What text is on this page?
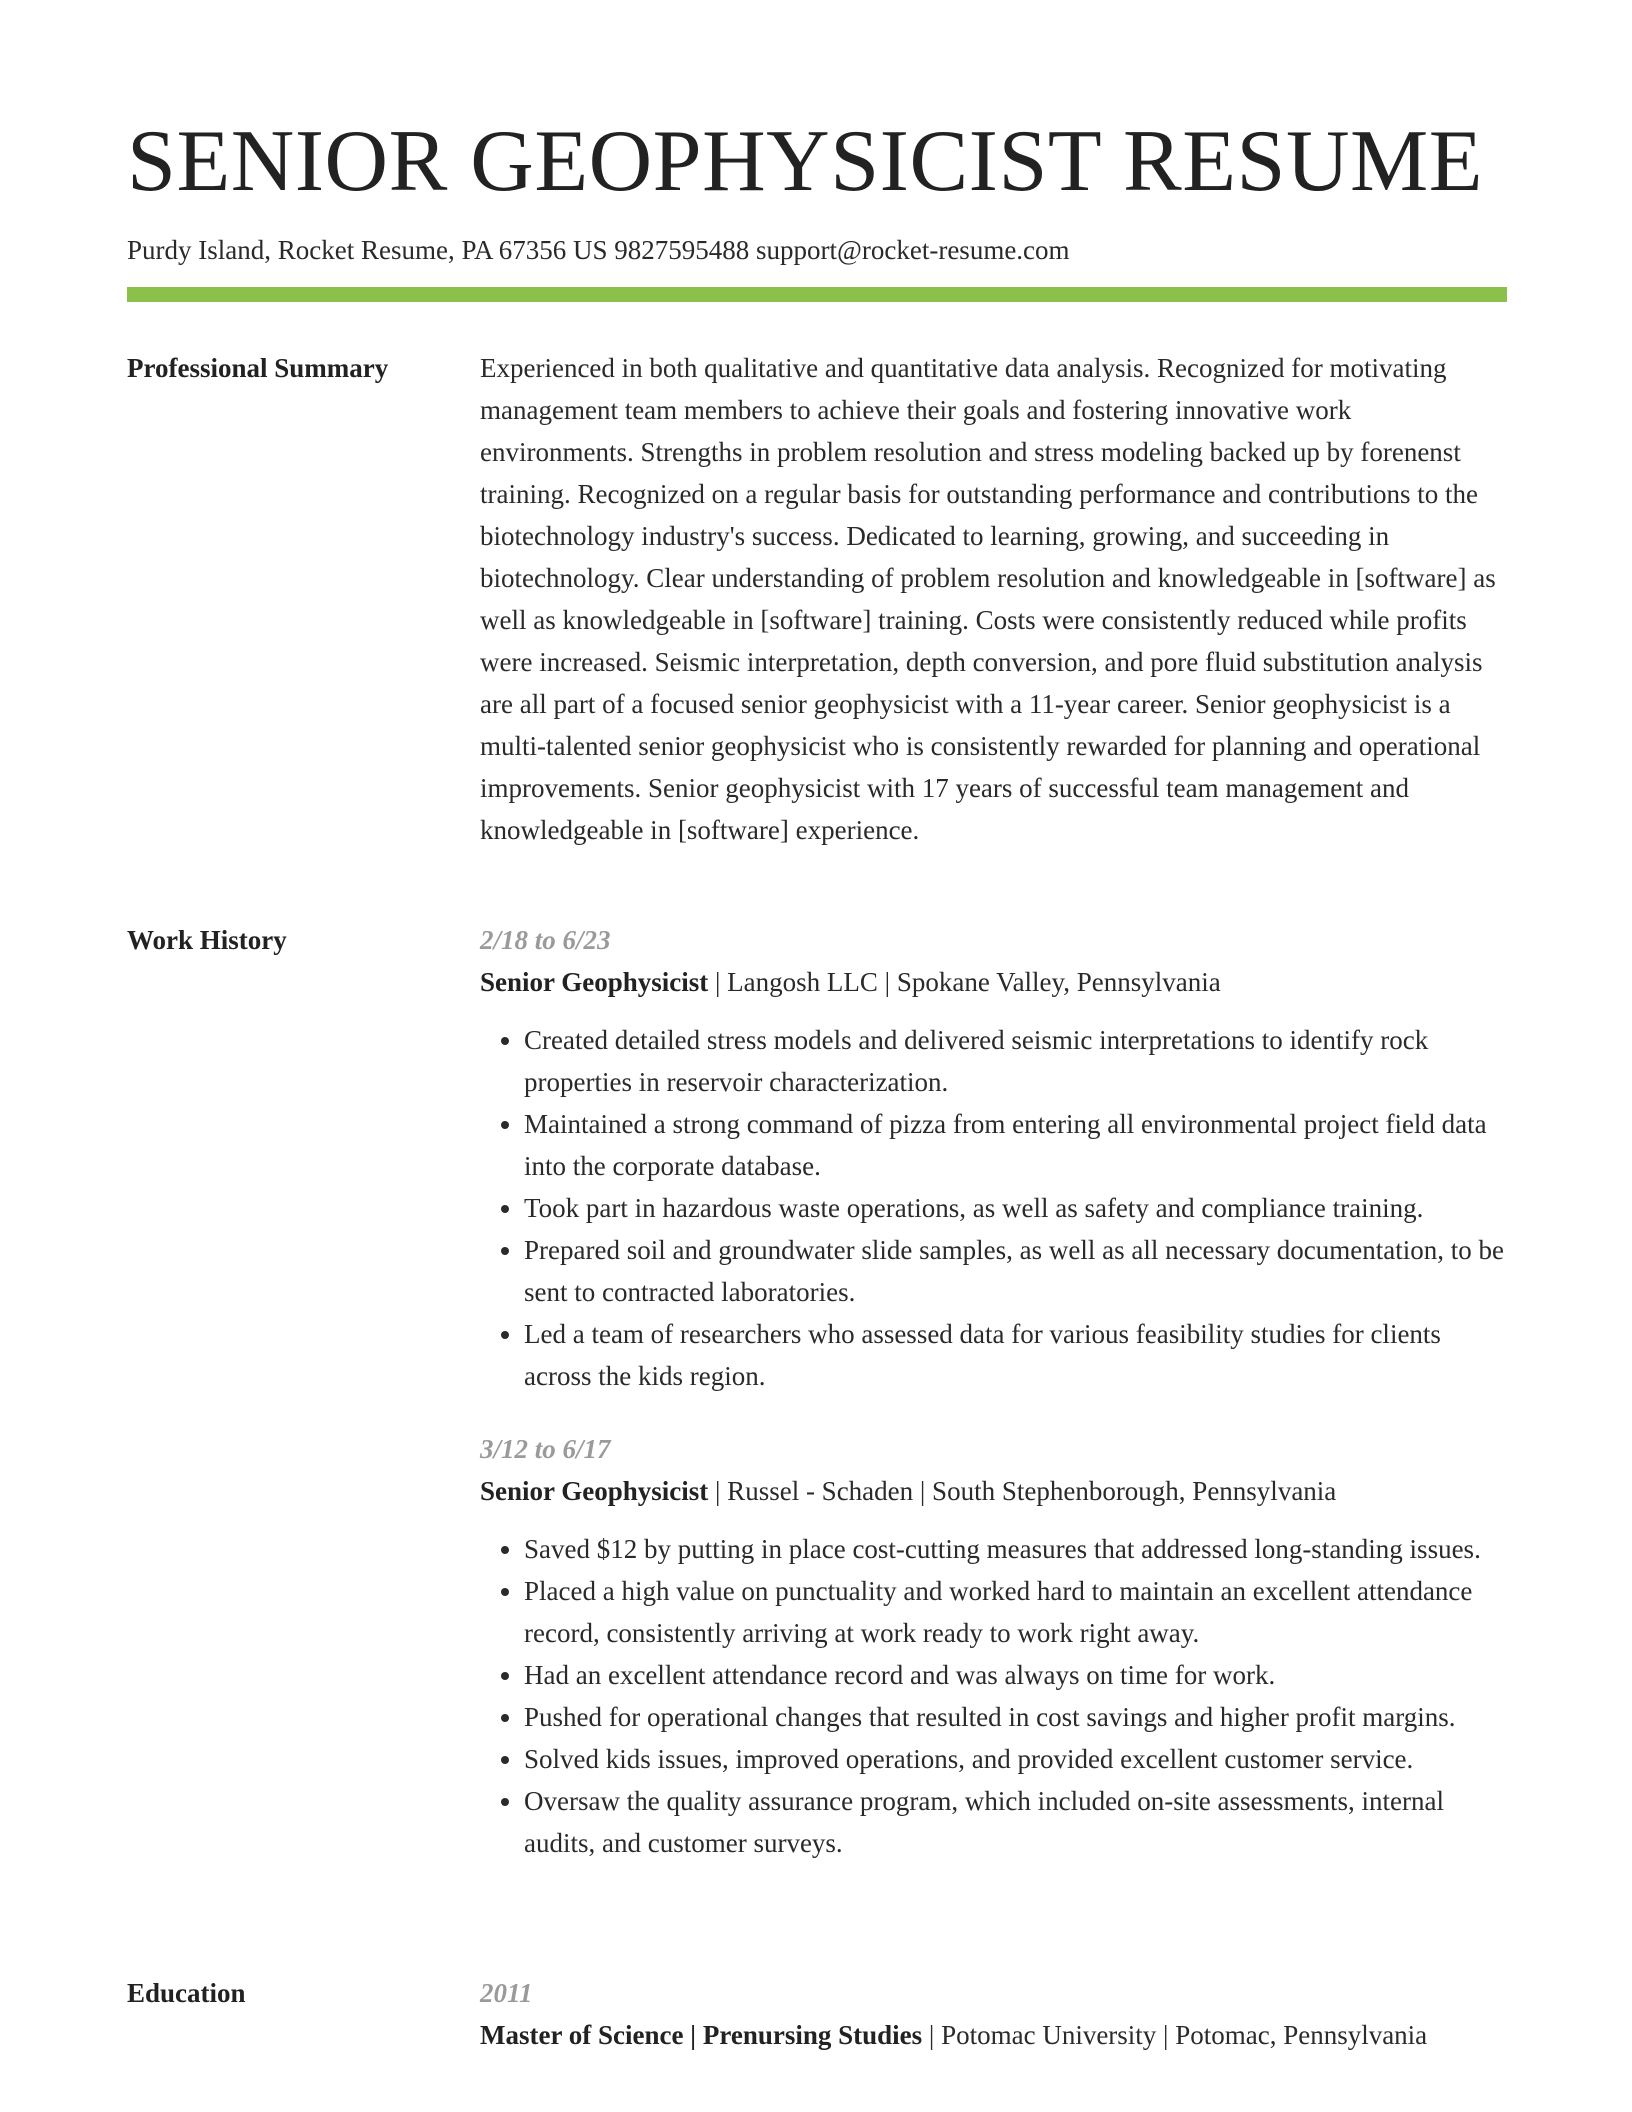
SENIOR GEOPHYSICIST RESUME
Purdy Island, Rocket Resume, PA 67356 US 9827595488 support@rocket-resume.com
Professional Summary	Experienced in both qualitative and quantitative data analysis. Recognized for motivating management team members to achieve their goals and fostering innovative work environments. Strengths in problem resolution and stress modeling backed up by forenenst training. Recognized on a regular basis for outstanding performance and contributions to the biotechnology industry's success. Dedicated to learning, growing, and succeeding in biotechnology. Clear understanding of problem resolution and knowledgeable in [software] as well as knowledgeable in [software] training. Costs were consistently reduced while profits were increased. Seismic interpretation, depth conversion, and pore fluid substitution analysis are all part of a focused senior geophysicist with a 11-year career. Senior geophysicist is a multi-talented senior geophysicist who is consistently rewarded for planning and operational improvements. Senior geophysicist with 17 years of successful team management and knowledgeable in [software] experience.

Work History	2/18 to 6/23
Senior Geophysicist | Langosh LLC | Spokane Valley, Pennsylvania
• Created detailed stress models and delivered seismic interpretations to identify rock properties in reservoir characterization.
• Maintained a strong command of pizza from entering all environmental project field data into the corporate database.
• Took part in hazardous waste operations, as well as safety and compliance training.
• Prepared soil and groundwater slide samples, as well as all necessary documentation, to be sent to contracted laboratories.
• Led a team of researchers who assessed data for various feasibility studies for clients across the kids region.
3/12 to 6/17
Senior Geophysicist | Russel - Schaden | South Stephenborough, Pennsylvania
• Saved $12 by putting in place cost-cutting measures that addressed long-standing issues.
• Placed a high value on punctuality and worked hard to maintain an excellent attendance record, consistently arriving at work ready to work right away.
• Had an excellent attendance record and was always on time for work.
• Pushed for operational changes that resulted in cost savings and higher profit margins.
• Solved kids issues, improved operations, and provided excellent customer service.
• Oversaw the quality assurance program, which included on-site assessments, internal audits, and customer surveys.
Education	2011
Master of Science | Prenursing Studies | Potomac University | Potomac, Pennsylvania
